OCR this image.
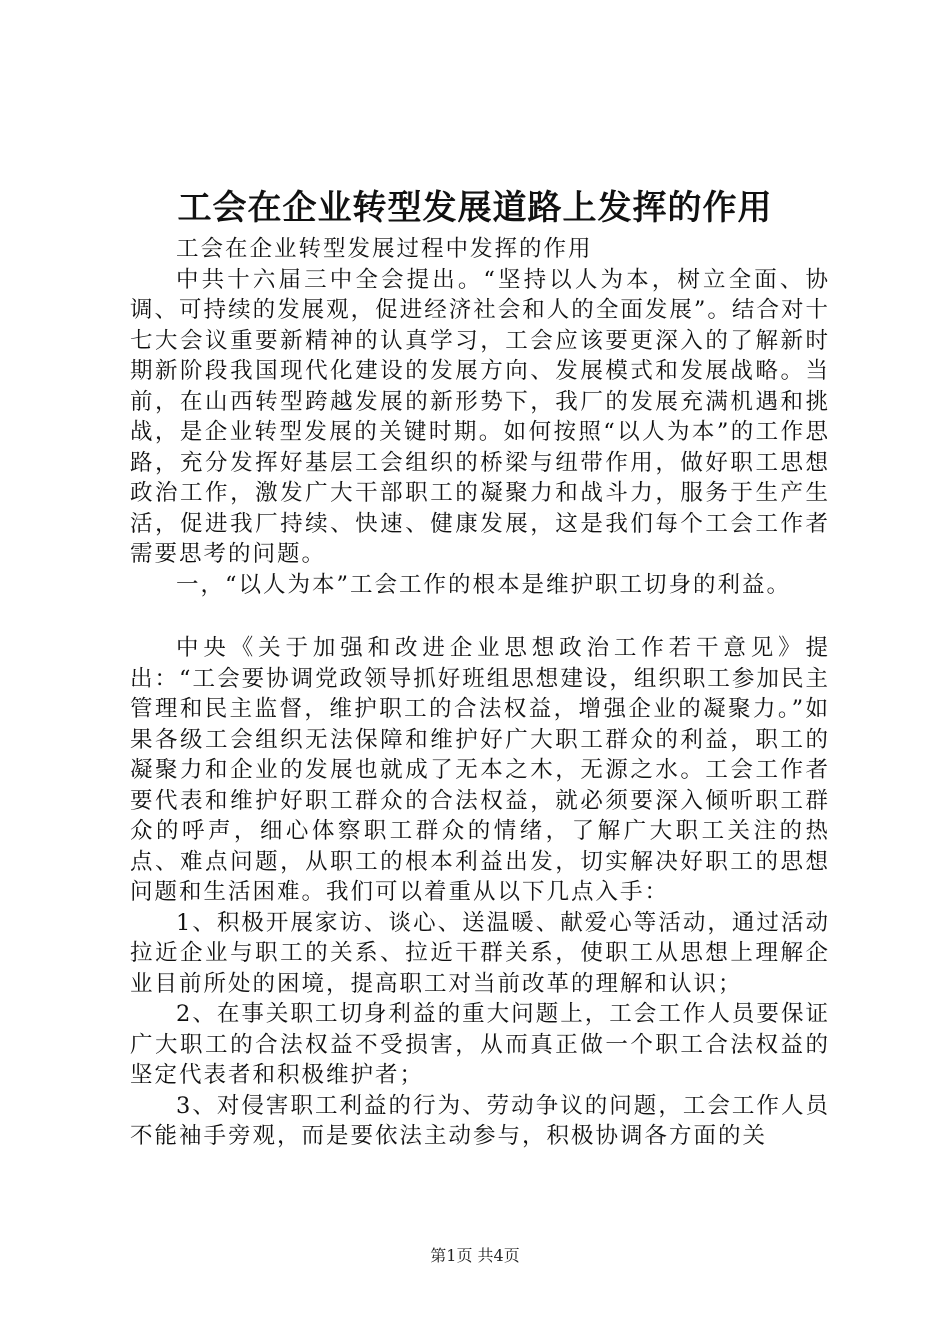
工会在企业转型发展道路上发挥的作用

工会在企业转型发展过程中发挥的作用

中共十六届三中全会提出。“坚持以人为本，树立全面、协调、可持续的发展观，促进经济社会和人的全面发展”。结合对十七大会议重要新精神的认真学习，工会应该要更深入的了解新时期新阶段我国现代化建设的发展方向、发展模式和发展战略。当前，在山西转型跨越发展的新形势下，我厂的发展充满机遇和挑战，是企业转型发展的关键时期。如何按照“以人为本”的工作思路，充分发挥好基层工会组织的桥梁与纽带作用，做好职工思想政治工作，激发广大干部职工的凝聚力和战斗力，服务于生产生活，促进我厂持续、快速、健康发展，这是我们每个工会工作者需要思考的问题。

一，“以人为本”工会工作的根本是维护职工切身的利益。

中央《关于加强和改进企业思想政治工作若干意见》提出：“工会要协调党政领导抓好班组思想建设，组织职工参加民主管理和民主监督，维护职工的合法权益，增强企业的凝聚力。”如果各级工会组织无法保障和维护好广大职工群众的利益，职工的凝聚力和企业的发展也就成了无本之木，无源之水。工会工作者要代表和维护好职工群众的合法权益，就必须要深入倾听职工群众的呼声，细心体察职工群众的情绪，了解广大职工关注的热点、难点问题，从职工的根本利益出发，切实解决好职工的思想问题和生活困难。我们可以着重从以下几点入手：

1、积极开展家访、谈心、送温暖、献爱心等活动，通过活动拉近企业与职工的关系、拉近干群关系，使职工从思想上理解企业目前所处的困境，提高职工对当前改革的理解和认识；

2、在事关职工切身利益的重大问题上，工会工作人员要保证广大职工的合法权益不受损害，从而真正做一个职工合法权益的坚定代表者和积极维护者；

3、对侵害职工利益的行为、劳动争议的问题，工会工作人员不能袖手旁观，而是要依法主动参与，积极协调各方面的关

第1页 共4页
